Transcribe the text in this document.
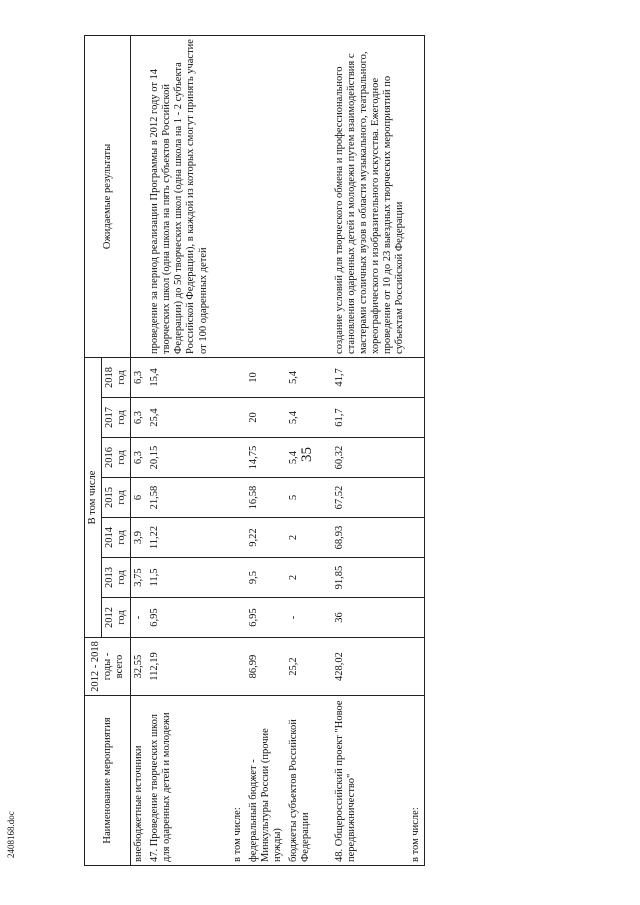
35
2408168.doc	Наименование мероприятия	2012 - 2018 годы - всего	В том числе							Ожидаемые результаты
		2012 год	2013 год	2014 год	2015 год	2016 год	2017 год	2018 год	
внебюджетные источники	32,55	-	3,75	3,9	6	6,3	6,3	6,3	
47. Проведение творческих школ для одаренных детей и молодежи	112,19	6,95	11,5	11,22	21,58	20,15	25,4	15,4	проведение за период реализации Программы в 2012 году от 14 творческих школ (одна школа на пять субъектов Российской Федерации) до 50 творческих школ (одна школа на 1 - 2 субъекта Российской Федерации), в каждой из которых смогут принять участие от 100 одаренных детей

в том числе:									
федеральный бюджет - Минкультуры России (прочие нужды)	86,99	6,95	9,5	9,22	16,58	14,75	20	10	
бюджеты субъектов Российской Федерации	25,2	-	2	2	5	5,4	5,4	5,4	

48. Общероссийский проект "Новое передвижничество"	428,02	36	91,85	68,93	67,52	60,32	61,7	41,7	создание условий для творческого обмена и профессионального становления одаренных детей и молодежи путем взаимодействия с мастерами столичных вузов в области музыкального, театрального, хореографического и изобразительного искусства. Ежегодное проведение от 10 до 23 выездных творческих мероприятий по субъектам Российской Федерации
в том числе:									
